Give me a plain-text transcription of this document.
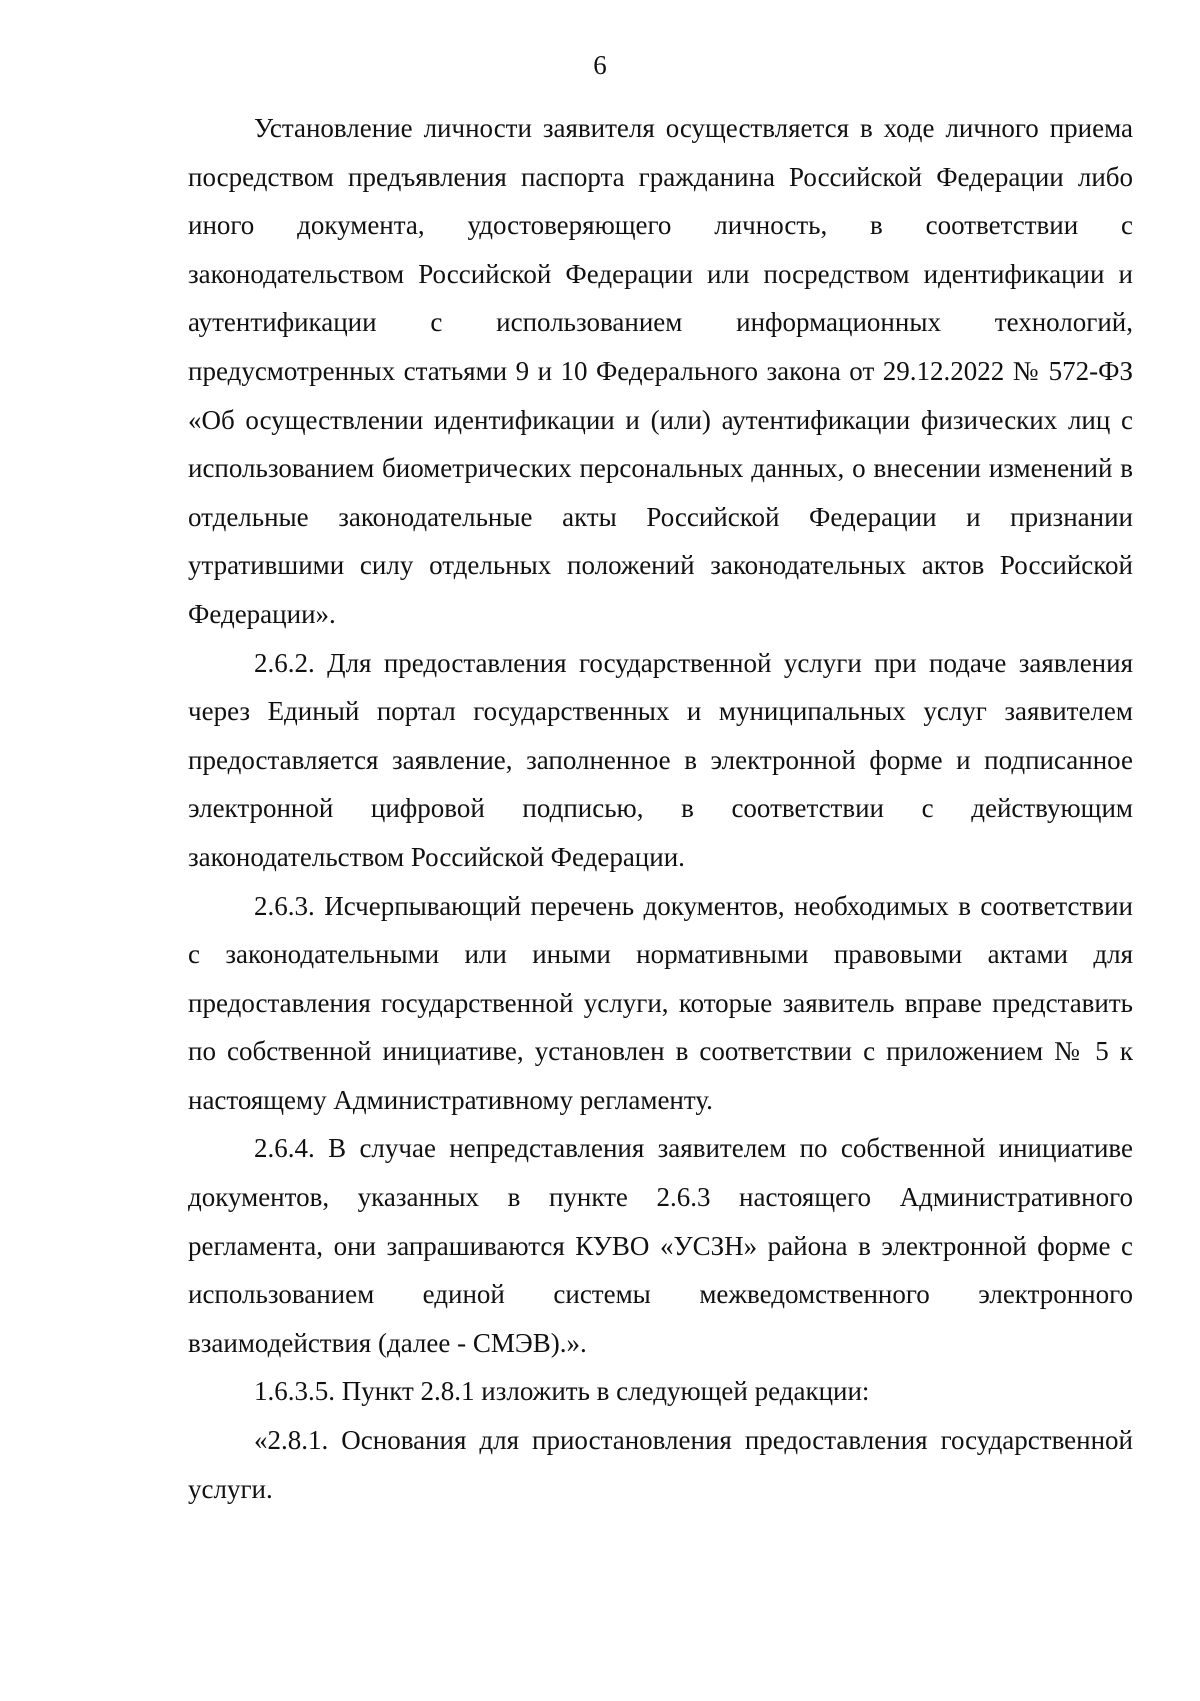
6

Установление личности заявителя осуществляется в ходе личного приема посредством предъявления паспорта гражданина Российской Федерации либо иного документа, удостоверяющего личность, в соответствии с законодательством Российской Федерации или посредством идентификации и аутентификации с использованием информационных технологий, предусмотренных статьями 9 и 10 Федерального закона от 29.12.2022 № 572-ФЗ «Об осуществлении идентификации и (или) аутентификации физических лиц с использованием биометрических персональных данных, о внесении изменений в отдельные законодательные акты Российской Федерации и признании утратившими силу отдельных положений законодательных актов Российской Федерации».

2.6.2. Для предоставления государственной услуги при подаче заявления через Единый портал государственных и муниципальных услуг заявителем предоставляется заявление, заполненное в электронной форме и подписанное электронной цифровой подписью, в соответствии с действующим законодательством Российской Федерации.

2.6.3. Исчерпывающий перечень документов, необходимых в соответствии с законодательными или иными нормативными правовыми актами для предоставления государственной услуги, которые заявитель вправе представить по собственной инициативе, установлен в соответствии с приложением № 5 к настоящему Административному регламенту.

2.6.4. В случае непредставления заявителем по собственной инициативе документов, указанных в пункте 2.6.3 настоящего Административного регламента, они запрашиваются КУВО «УСЗН» района в электронной форме с использованием единой системы межведомственного электронного взаимодействия (далее - СМЭВ).».

1.6.3.5. Пункт 2.8.1 изложить в следующей редакции:

«2.8.1. Основания для приостановления предоставления государственной услуги.
